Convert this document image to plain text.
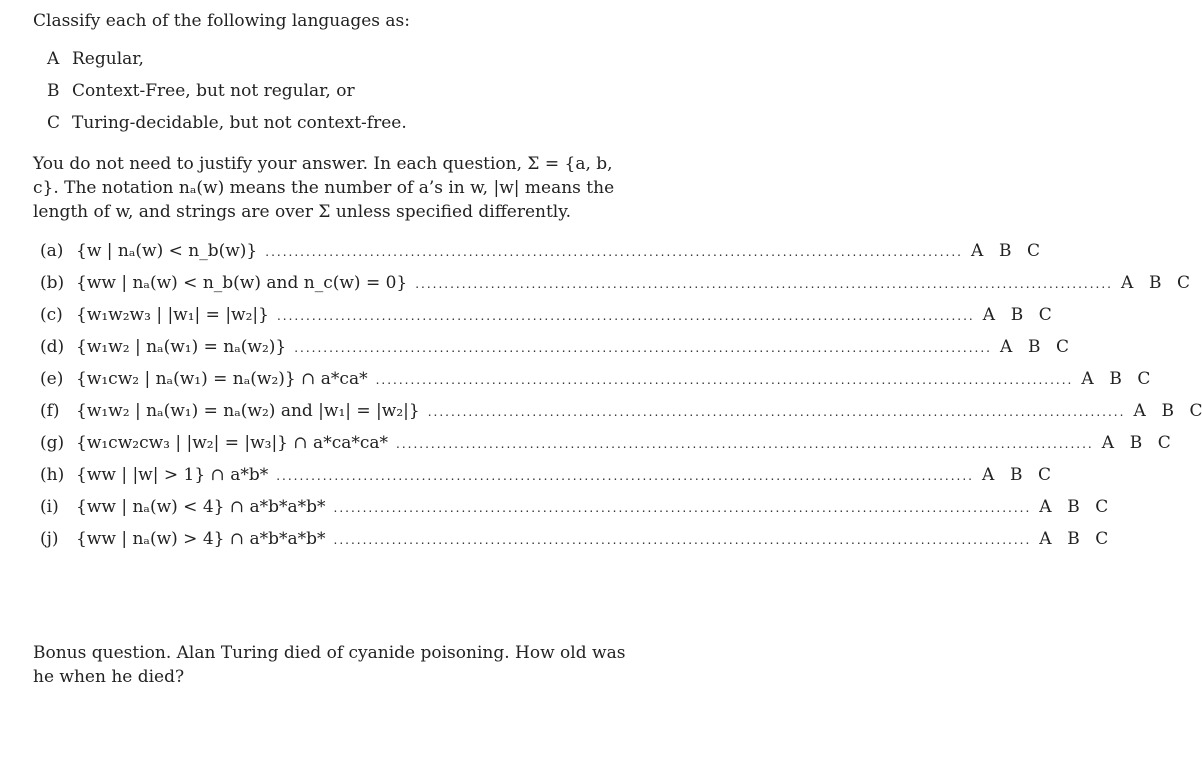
Classify each of the following languages as:

A Regular,
B Context-Free, but not regular, or
C Turing-decidable, but not context-free.

You do not need to justify your answer. In each question, Σ = {a, b, c}. The notation nₐ(w) means the number of a’s in w, |w| means the length of w, and strings are over Σ unless specified differently.

(a) {w | nₐ(w) < n_b(w)} ........................................................................................................................ A B C
(b) {ww | nₐ(w) < n_b(w) and n_c(w) = 0} ........................................................................................................................ A B C
(c) {w₁w₂w₃ | |w₁| = |w₂|} ........................................................................................................................ A B C
(d) {w₁w₂ | nₐ(w₁) = nₐ(w₂)} ........................................................................................................................ A B C
(e) {w₁cw₂ | nₐ(w₁) = nₐ(w₂)} ∩ a*ca* ........................................................................................................................ A B C
(f) {w₁w₂ | nₐ(w₁) = nₐ(w₂) and |w₁| = |w₂|} ........................................................................................................................ A B C
(g) {w₁cw₂cw₃ | |w₂| = |w₃|} ∩ a*ca*ca* ........................................................................................................................ A B C
(h) {ww | |w| > 1} ∩ a*b* ........................................................................................................................ A B C
(i)	{ww | nₐ(w) < 4} ∩ a*b*a*b* ........................................................................................................................ A B C
(j)	{ww | nₐ(w) > 4} ∩ a*b*a*b* ........................................................................................................................ A B C

Bonus question. Alan Turing died of cyanide poisoning. How old was he when he died?
